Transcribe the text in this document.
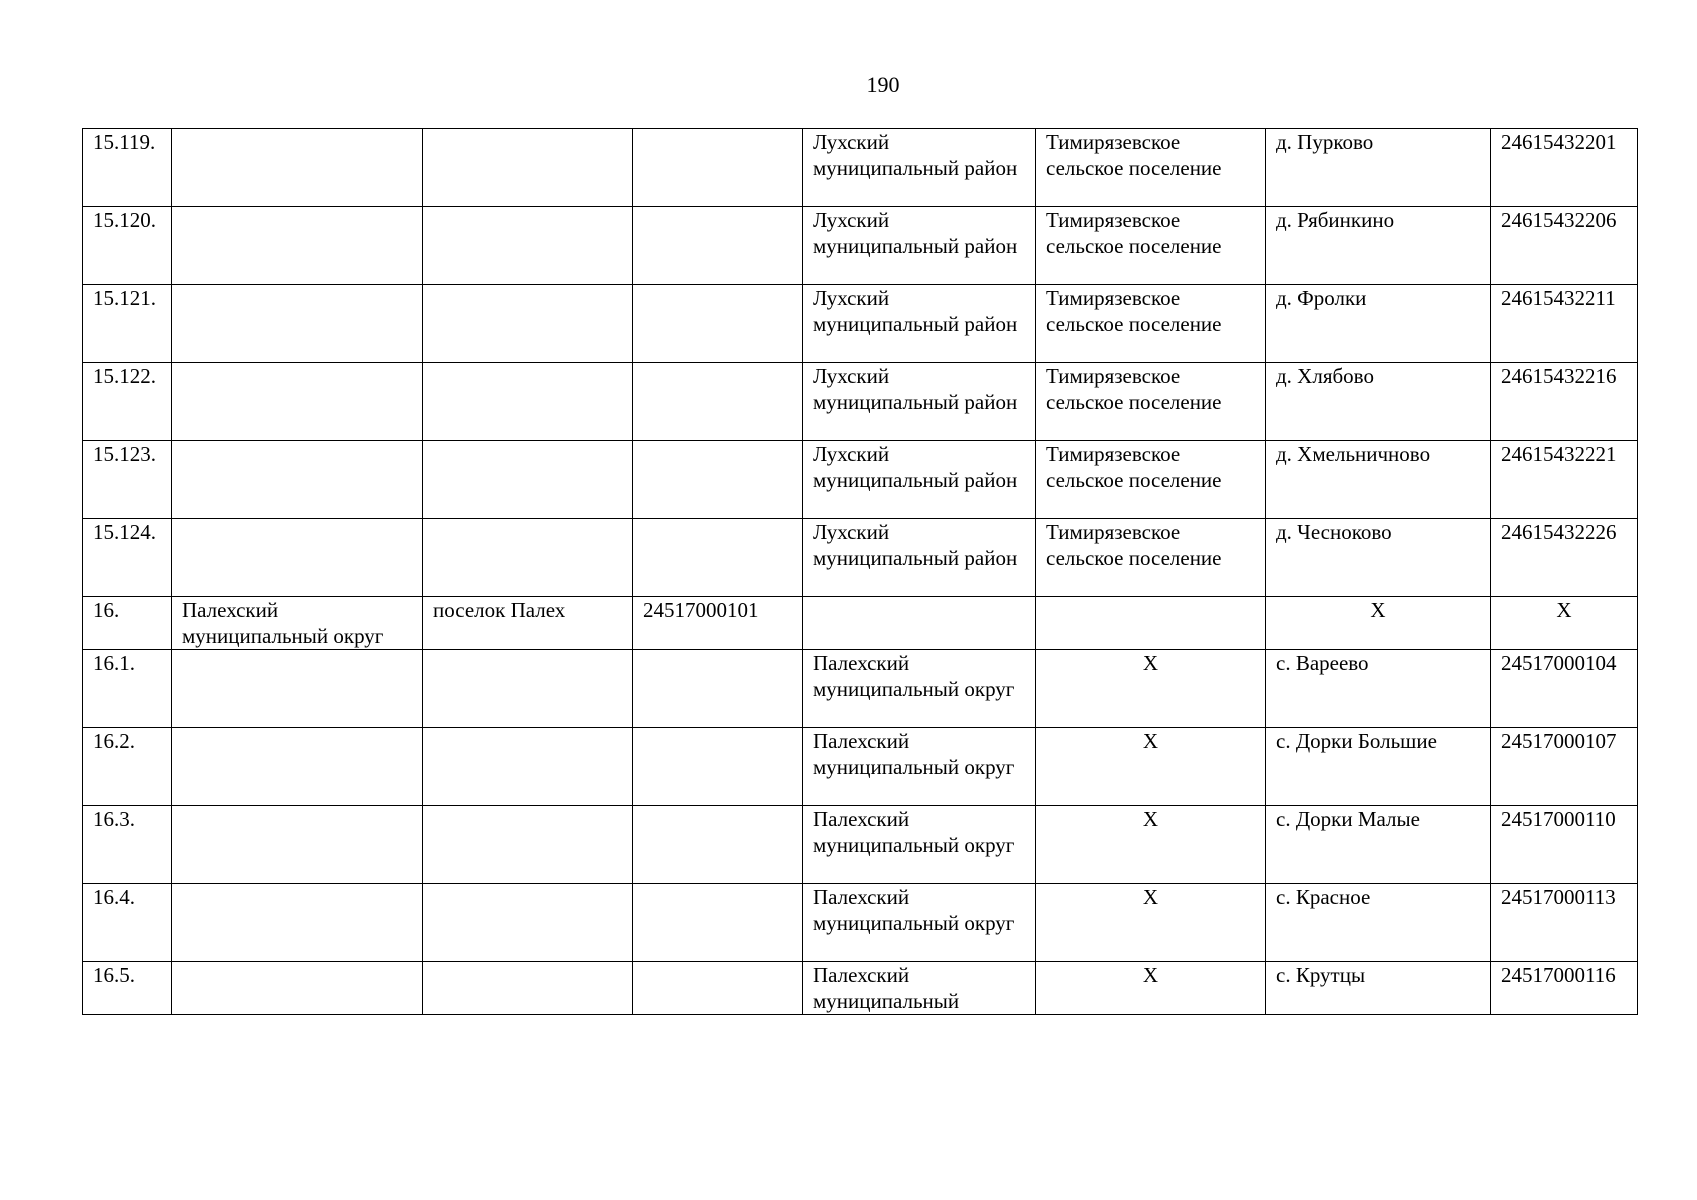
190
15.119.				Лухский муниципальный район	Тимирязевское сельское поселение	д. Пурково	24615432201
15.120.				Лухский муниципальный район	Тимирязевское сельское поселение	д. Рябинкино	24615432206
15.121.				Лухский муниципальный район	Тимирязевское сельское поселение	д. Фролки	24615432211
15.122.				Лухский муниципальный район	Тимирязевское сельское поселение	д. Хлябово	24615432216
15.123.				Лухский муниципальный район	Тимирязевское сельское поселение	д. Хмельничново	24615432221
15.124.				Лухский муниципальный район	Тимирязевское сельское поселение	д. Чесноково	24615432226
16.	Палехский муниципальный округ	поселок Палех	24517000101			X	X
16.1.				Палехский муниципальный округ	X	с. Вареево	24517000104
16.2.				Палехский муниципальный округ	X	с. Дорки Большие	24517000107
16.3.				Палехский муниципальный округ	X	с. Дорки Малые	24517000110
16.4.				Палехский муниципальный округ	X	с. Красное	24517000113
16.5.				Палехский муниципальный	X	с. Крутцы	24517000116
